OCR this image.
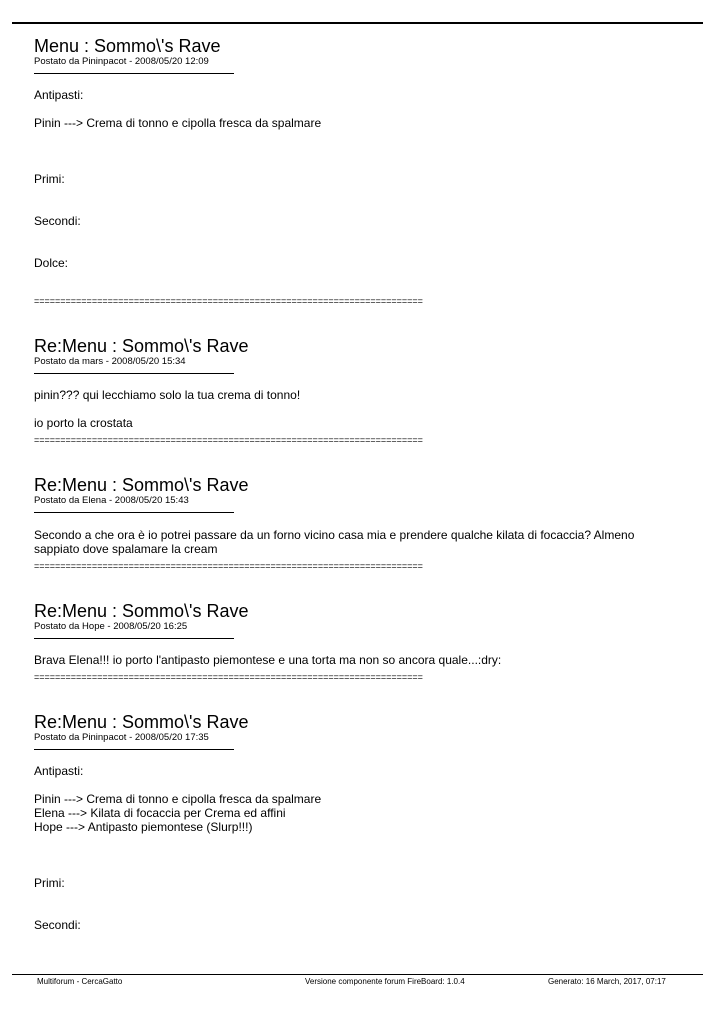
Menu : Sommo\'s Rave
Postato da Pininpacot - 2008/05/20 12:09
Antipasti:
Pinin ---> Crema di tonno e cipolla fresca da spalmare
Primi:
Secondi:
Dolce:
==========================================================================
Re:Menu : Sommo\'s Rave
Postato da mars - 2008/05/20 15:34
pinin??? qui lecchiamo solo la tua crema di tonno!
io porto la crostata
==========================================================================
Re:Menu : Sommo\'s Rave
Postato da Elena - 2008/05/20 15:43
Secondo a che ora è io potrei passare da un forno vicino casa mia e prendere qualche kilata di focaccia? Almeno sappiato dove spalamare la cream
==========================================================================
Re:Menu : Sommo\'s Rave
Postato da Hope - 2008/05/20 16:25
Brava Elena!!! io porto l'antipasto piemontese e una torta ma non so ancora quale...:dry:
==========================================================================
Re:Menu : Sommo\'s Rave
Postato da Pininpacot - 2008/05/20 17:35
Antipasti:
Pinin ---> Crema di tonno e cipolla fresca da spalmare
Elena ---> Kilata di focaccia per Crema ed affini
Hope ---> Antipasto piemontese (Slurp!!!)
Primi:
Secondi:
Multiforum - CercaGatto	Versione componente forum FireBoard: 1.0.4	Generato: 16 March, 2017, 07:17
